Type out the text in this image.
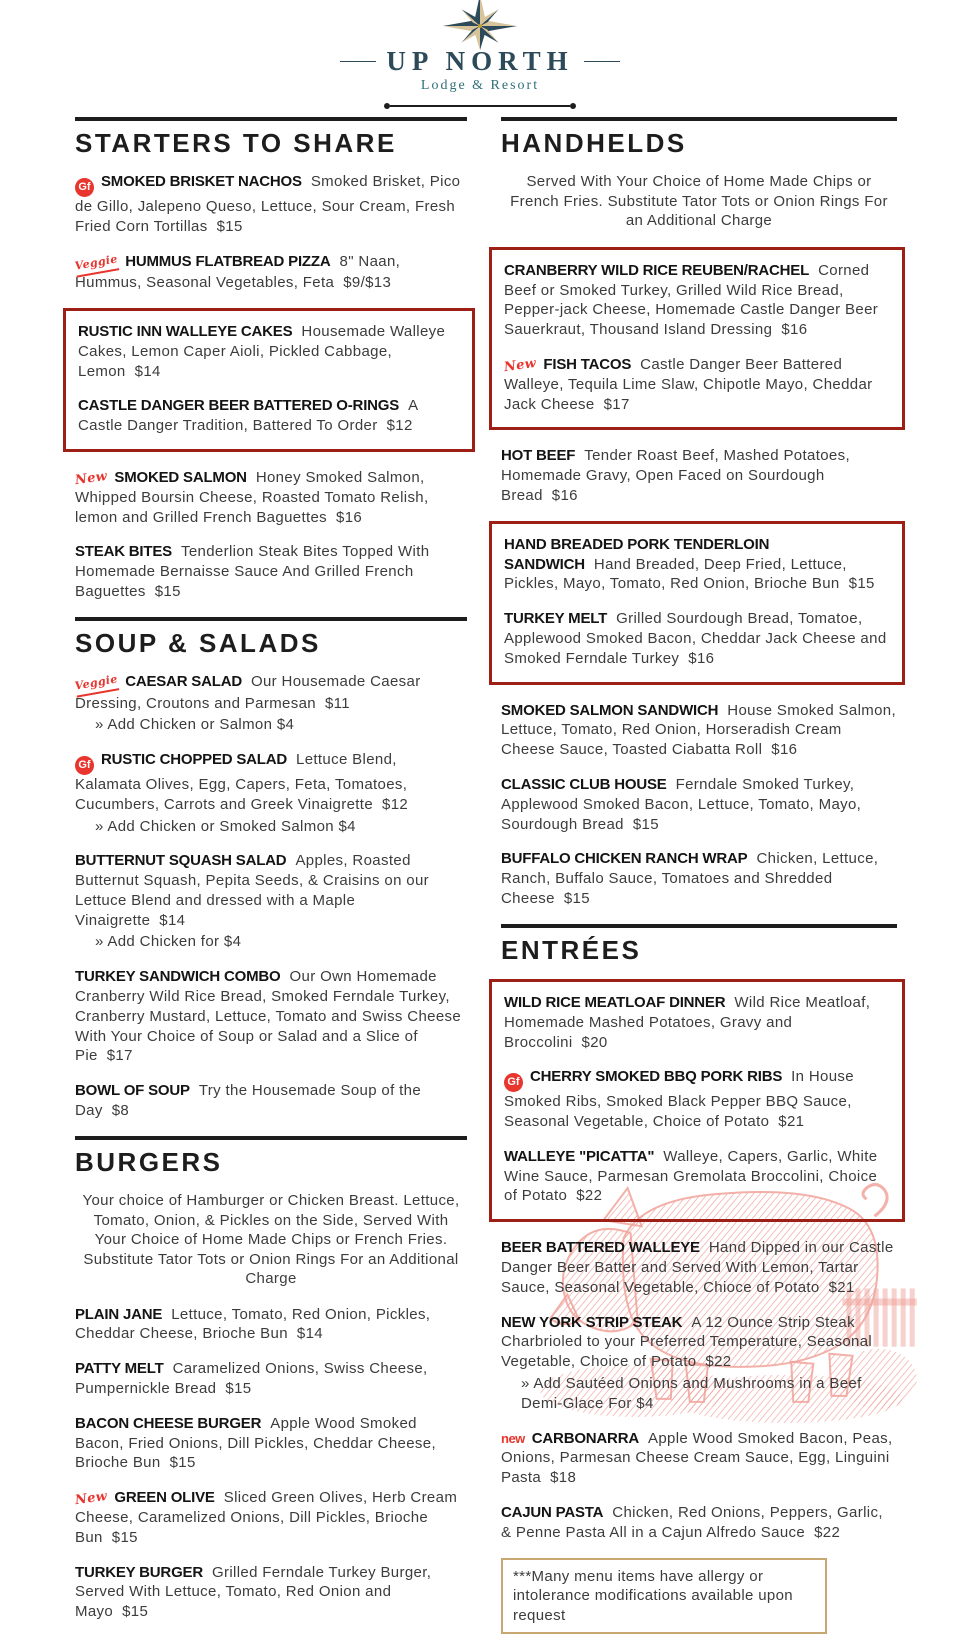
UP NORTH
Lodge & Resort
STARTERS TO SHARE
Gf SMOKED BRISKET NACHOS Smoked Brisket, Pico de Gillo, Jalepeno Queso, Lettuce, Sour Cream, Fresh Fried Corn Tortillas $15
Veggie HUMMUS FLATBREAD PIZZA 8" Naan, Hummus, Seasonal Vegetables, Feta $9/$13
RUSTIC INN WALLEYE CAKES Housemade Walleye Cakes, Lemon Caper Aioli, Pickled Cabbage, Lemon $14
CASTLE DANGER BEER BATTERED O-RINGS A Castle Danger Tradition, Battered To Order $12
New SMOKED SALMON Honey Smoked Salmon, Whipped Boursin Cheese, Roasted Tomato Relish, lemon and Grilled French Baguettes $16
STEAK BITES Tenderlion Steak Bites Topped With Homemade Bernaisse Sauce And Grilled French Baguettes $15
SOUP & SALADS
Veggie CAESAR SALAD Our Housemade Caesar Dressing, Croutons and Parmesan $11
» Add Chicken or Salmon $4
Gf RUSTIC CHOPPED SALAD Lettuce Blend, Kalamata Olives, Egg, Capers, Feta, Tomatoes, Cucumbers, Carrots and Greek Vinaigrette $12
» Add Chicken or Smoked Salmon $4
BUTTERNUT SQUASH SALAD Apples, Roasted Butternut Squash, Pepita Seeds, & Craisins on our Lettuce Blend and dressed with a Maple Vinaigrette $14
» Add Chicken for $4
TURKEY SANDWICH COMBO Our Own Homemade Cranberry Wild Rice Bread, Smoked Ferndale Turkey, Cranberry Mustard, Lettuce, Tomato and Swiss Cheese With Your Choice of Soup or Salad and a Slice of Pie $17
BOWL OF SOUP Try the Housemade Soup of the Day $8
BURGERS

Your choice of Hamburger or Chicken Breast. Lettuce, Tomato, Onion, & Pickles on the Side, Served With Your Choice of Home Made Chips or French Fries. Substitute Tator Tots or Onion Rings For an Additional Charge

PLAIN JANE Lettuce, Tomato, Red Onion, Pickles, Cheddar Cheese, Brioche Bun $14
PATTY MELT Caramelized Onions, Swiss Cheese, Pumpernickle Bread $15
BACON CHEESE BURGER Apple Wood Smoked Bacon, Fried Onions, Dill Pickles, Cheddar Cheese, Brioche Bun $15
New GREEN OLIVE Sliced Green Olives, Herb Cream Cheese, Caramelized Onions, Dill Pickles, Brioche Bun $15
TURKEY BURGER Grilled Ferndale Turkey Burger, Served With Lettuce, Tomato, Red Onion and Mayo $15
HANDHELDS

Served With Your Choice of Home Made Chips or French Fries. Substitute Tator Tots or Onion Rings For an Additional Charge

CRANBERRY WILD RICE REUBEN/RACHEL Corned Beef or Smoked Turkey, Grilled Wild Rice Bread, Pepper-jack Cheese, Homemade Castle Danger Beer Sauerkraut, Thousand Island Dressing $16
New FISH TACOS Castle Danger Beer Battered Walleye, Tequila Lime Slaw, Chipotle Mayo, Cheddar Jack Cheese $17
HOT BEEF Tender Roast Beef, Mashed Potatoes, Homemade Gravy, Open Faced on Sourdough Bread $16
HAND BREADED PORK TENDERLOIN SANDWICH Hand Breaded, Deep Fried, Lettuce, Pickles, Mayo, Tomato, Red Onion, Brioche Bun $15
TURKEY MELT Grilled Sourdough Bread, Tomatoe, Applewood Smoked Bacon, Cheddar Jack Cheese and Smoked Ferndale Turkey $16
SMOKED SALMON SANDWICH House Smoked Salmon, Lettuce, Tomato, Red Onion, Horseradish Cream Cheese Sauce, Toasted Ciabatta Roll $16
CLASSIC CLUB HOUSE Ferndale Smoked Turkey, Applewood Smoked Bacon, Lettuce, Tomato, Mayo, Sourdough Bread $15
BUFFALO CHICKEN RANCH WRAP Chicken, Lettuce, Ranch, Buffalo Sauce, Tomatoes and Shredded Cheese $15
ENTRÉES
WILD RICE MEATLOAF DINNER Wild Rice Meatloaf, Homemade Mashed Potatoes, Gravy and Broccolini $20
Gf CHERRY SMOKED BBQ PORK RIBS In House Smoked Ribs, Smoked Black Pepper BBQ Sauce, Seasonal Vegetable, Choice of Potato $21
WALLEYE "PICATTA" Walleye, Capers, Garlic, White Wine Sauce, Parmesan Gremolata Broccolini, Choice of Potato $22
BEER BATTERED WALLEYE Hand Dipped in our Castle Danger Beer Batter and Served With Lemon, Tartar Sauce, Seasonal Vegetable, Chioce of Potato $21
NEW YORK STRIP STEAK A 12 Ounce Strip Steak Charbrioled to your Preferred Temperature, Seasonal Vegetable, Choice of Potato $22
» Add Sautéed Onions and Mushrooms in a Beef Demi-Glace For $4
new CARBONARRA Apple Wood Smoked Bacon, Peas, Onions, Parmesan Cheese Cream Sauce, Egg, Linguini Pasta $18
CAJUN PASTA Chicken, Red Onions, Peppers, Garlic, & Penne Pasta All in a Cajun Alfredo Sauce $22
***Many menu items have allergy or intolerance modifications available upon request
